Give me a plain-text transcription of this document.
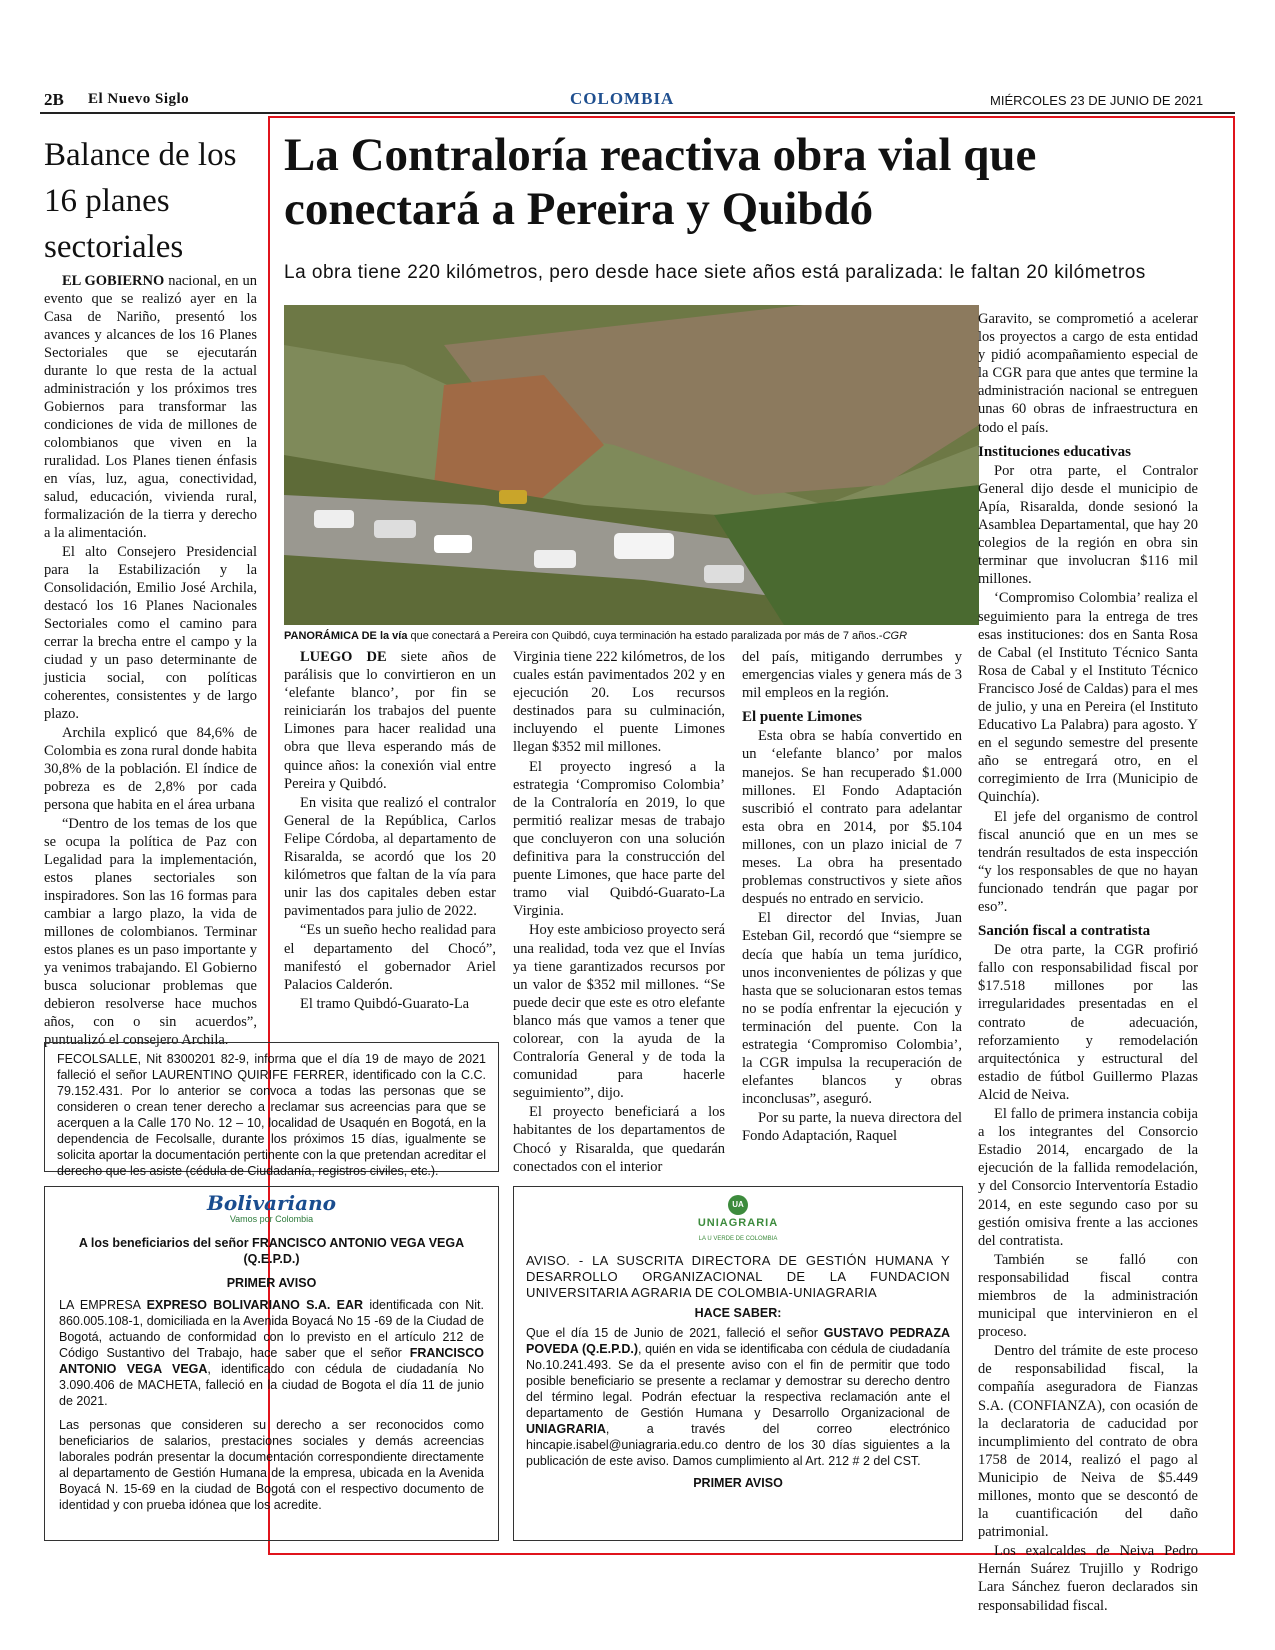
2B El Nuevo Siglo	COLOMBIA	MIÉRCOLES 23 DE JUNIO DE 2021
Balance de los 16 planes sectoriales

EL GOBIERNO nacional, en un evento que se realizó ayer en la Casa de Nariño, presentó los avances y alcances de los 16 Planes Sectoriales que se ejecutarán durante lo que resta de la actual administración y los próximos tres Gobiernos para transformar las condiciones de vida de millones de colombianos que viven en la ruralidad. Los Planes tienen énfasis en vías, luz, agua, conectividad, salud, educación, vivienda rural, formalización de la tierra y derecho a la alimentación.

El alto Consejero Presidencial para la Estabilización y la Consolidación, Emilio José Archila, destacó los 16 Planes Nacionales Sectoriales como el camino para cerrar la brecha entre el campo y la ciudad y un paso determinante de justicia social, con políticas coherentes, consistentes y de largo plazo.

Archila explicó que 84,6% de Colombia es zona rural donde habita 30,8% de la población. El índice de pobreza es de 2,8% por cada persona que habita en el área urbana

“Dentro de los temas de los que se ocupa la política de Paz con Legalidad para la implementación, estos planes sectoriales son inspiradores. Son las 16 formas para cambiar a largo plazo, la vida de millones de colombianos. Terminar estos planes es un paso importante y ya venimos trabajando. El Gobierno busca solucionar problemas que debieron resolverse hace muchos años, con o sin acuerdos”, puntualizó el consejero Archila.

La Contraloría reactiva obra vial que conectará a Pereira y Quibdó
La obra tiene 220 kilómetros, pero desde hace siete años está paralizada: le faltan 20 kilómetros
PANORÁMICA DE la vía que conectará a Pereira con Quibdó, cuya terminación ha estado paralizada por más de 7 años.-CGR

LUEGO DE siete años de parálisis que lo convirtieron en un ‘elefante blanco’, por fin se reiniciarán los trabajos del puente Limones para hacer realidad una obra que lleva esperando más de quince años: la conexión vial entre Pereira y Quibdó.

En visita que realizó el contralor General de la República, Carlos Felipe Córdoba, al departamento de Risaralda, se acordó que los 20 kilómetros que faltan de la vía para unir las dos capitales deben estar pavimentados para julio de 2022.

“Es un sueño hecho realidad para el departamento del Chocó”, manifestó el gobernador Ariel Palacios Calderón.

El tramo Quibdó-Guarato-La

Virginia tiene 222 kilómetros, de los cuales están pavimentados 202 y en ejecución 20. Los recursos destinados para su culminación, incluyendo el puente Limones llegan $352 mil millones.

El proyecto ingresó a la estrategia ‘Compromiso Colombia’ de la Contraloría en 2019, lo que permitió realizar mesas de trabajo que concluyeron con una solución definitiva para la construcción del puente Limones, que hace parte del tramo vial Quibdó-Guarato-La Virginia.

Hoy este ambicioso proyecto será una realidad, toda vez que el Invías ya tiene garantizados recursos por un valor de $352 mil millones. “Se puede decir que este es otro elefante blanco más que vamos a tener que colorear, con la ayuda de la Contraloría General y de toda la comunidad para hacerle seguimiento”, dijo.

El proyecto beneficiará a los habitantes de los departamentos de Chocó y Risaralda, que quedarán conectados con el interior

del país, mitigando derrumbes y emergencias viales y genera más de 3 mil empleos en la región.

El puente Limones

Esta obra se había convertido en un ‘elefante blanco’ por malos manejos. Se han recuperado $1.000 millones. El Fondo Adaptación suscribió el contrato para adelantar esta obra en 2014, por $5.104 millones, con un plazo inicial de 7 meses. La obra ha presentado problemas constructivos y siete años después no entrado en servicio.

El director del Invias, Juan Esteban Gil, recordó que “siempre se decía que había un tema jurídico, unos inconvenientes de pólizas y que hasta que se solucionaran estos temas no se podía enfrentar la ejecución y terminación del puente. Con la estrategia ‘Compromiso Colombia’, la CGR impulsa la recuperación de elefantes blancos y obras inconclusas”, aseguró.

Por su parte, la nueva directora del Fondo Adaptación, Raquel

Garavito, se comprometió a acelerar los proyectos a cargo de esta entidad y pidió acompañamiento especial de la CGR para que antes que termine la administración nacional se entreguen unas 60 obras de infraestructura en todo el país.

Instituciones educativas

Por otra parte, el Contralor General dijo desde el municipio de Apía, Risaralda, donde sesionó la Asamblea Departamental, que hay 20 colegios de la región en obra sin terminar que involucran $116 mil millones.

‘Compromiso Colombia’ realiza el seguimiento para la entrega de tres esas instituciones: dos en Santa Rosa de Cabal (el Instituto Técnico Santa Rosa de Cabal y el Instituto Técnico Francisco José de Caldas) para el mes de julio, y una en Pereira (el Instituto Educativo La Palabra) para agosto. Y en el segundo semestre del presente año se entregará otro, en el corregimiento de Irra (Municipio de Quinchía).

El jefe del organismo de control fiscal anunció que en un mes se tendrán resultados de esta inspección “y los responsables de que no hayan funcionado tendrán que pagar por eso”.

Sanción fiscal a contratista

De otra parte, la CGR profirió fallo con responsabilidad fiscal por $17.518 millones por las irregularidades presentadas en el contrato de adecuación, reforzamiento y remodelación arquitectónica y estructural del estadio de fútbol Guillermo Plazas Alcid de Neiva.

El fallo de primera instancia cobija a los integrantes del Consorcio Estadio 2014, encargado de la ejecución de la fallida remodelación, y del Consorcio Interventoría Estadio 2014, en este segundo caso por su gestión omisiva frente a las acciones del contratista.

También se falló con responsabilidad fiscal contra miembros de la administración municipal que intervinieron en el proceso.

Dentro del trámite de este proceso de responsabilidad fiscal, la compañía aseguradora de Fianzas S.A. (CONFIANZA), con ocasión de la declaratoria de caducidad por incumplimiento del contrato de obra 1758 de 2014, realizó el pago al Municipio de Neiva de $5.449 millones, monto que se descontó de la cuantificación del daño patrimonial.

Los exalcaldes de Neiva Pedro Hernán Suárez Trujillo y Rodrigo Lara Sánchez fueron declarados sin responsabilidad fiscal.

FECOLSALLE, Nit 8300201 82-9, informa que el día 19 de mayo de 2021 falleció el señor LAURENTINO QUIRIFE FERRER, identificado con la C.C. 79.152.431. Por lo anterior se convoca a todas las personas que se consideren o crean tener derecho a reclamar sus acreencias para que se acerquen a la Calle 170 No. 12 – 10, localidad de Usaquén en Bogotá, en la dependencia de Fecolsalle, durante los próximos 15 días, igualmente se solicita aportar la documentación pertinente con la que pretendan acreditar el derecho que les asiste (cédula de Ciudadanía, registros civiles, etc.).
Bolivariano
Vamos por Colombia
A los beneficiarios del señor FRANCISCO ANTONIO VEGA VEGA (Q.E.P.D.)
PRIMER AVISO
LA EMPRESA EXPRESO BOLIVARIANO S.A. EAR identificada con Nit. 860.005.108-1, domiciliada en la Avenida Boyacá No 15 -69 de la Ciudad de Bogotá, actuando de conformidad con lo previsto en el artículo 212 de Código Sustantivo del Trabajo, hace saber que el señor FRANCISCO ANTONIO VEGA VEGA, identificado con cédula de ciudadanía No 3.090.406 de MACHETA, falleció en la ciudad de Bogota el día 11 de junio de 2021.
Las personas que consideren su derecho a ser reconocidos como beneficiarios de salarios, prestaciones sociales y demás acreencias laborales podrán presentar la documentación correspondiente directamente al departamento de Gestión Humana de la empresa, ubicada en la Avenida Boyacá N. 15-69 en la ciudad de Bogotá con el respectivo documento de identidad y con prueba idónea que los acredite.
UA
UNIAGRARIA
LA U VERDE DE COLOMBIA
AVISO. - LA SUSCRITA DIRECTORA DE GESTIÓN HUMANA Y DESARROLLO ORGANIZACIONAL DE LA FUNDACION UNIVERSITARIA AGRARIA DE COLOMBIA-UNIAGRARIA
HACE SABER:
Que el día 15 de Junio de 2021, falleció el señor GUSTAVO PEDRAZA POVEDA (Q.E.P.D.), quién en vida se identificaba con cédula de ciudadanía No.10.241.493. Se da el presente aviso con el fin de permitir que todo posible beneficiario se presente a reclamar y demostrar su derecho dentro del término legal. Podrán efectuar la respectiva reclamación ante el departamento de Gestión Humana y Desarrollo Organizacional de UNIAGRARIA, a través del correo electrónico hincapie.isabel@uniagraria.edu.co dentro de los 30 días siguientes a la publicación de este aviso. Damos cumplimiento al Art. 212 # 2 del CST.
PRIMER AVISO
